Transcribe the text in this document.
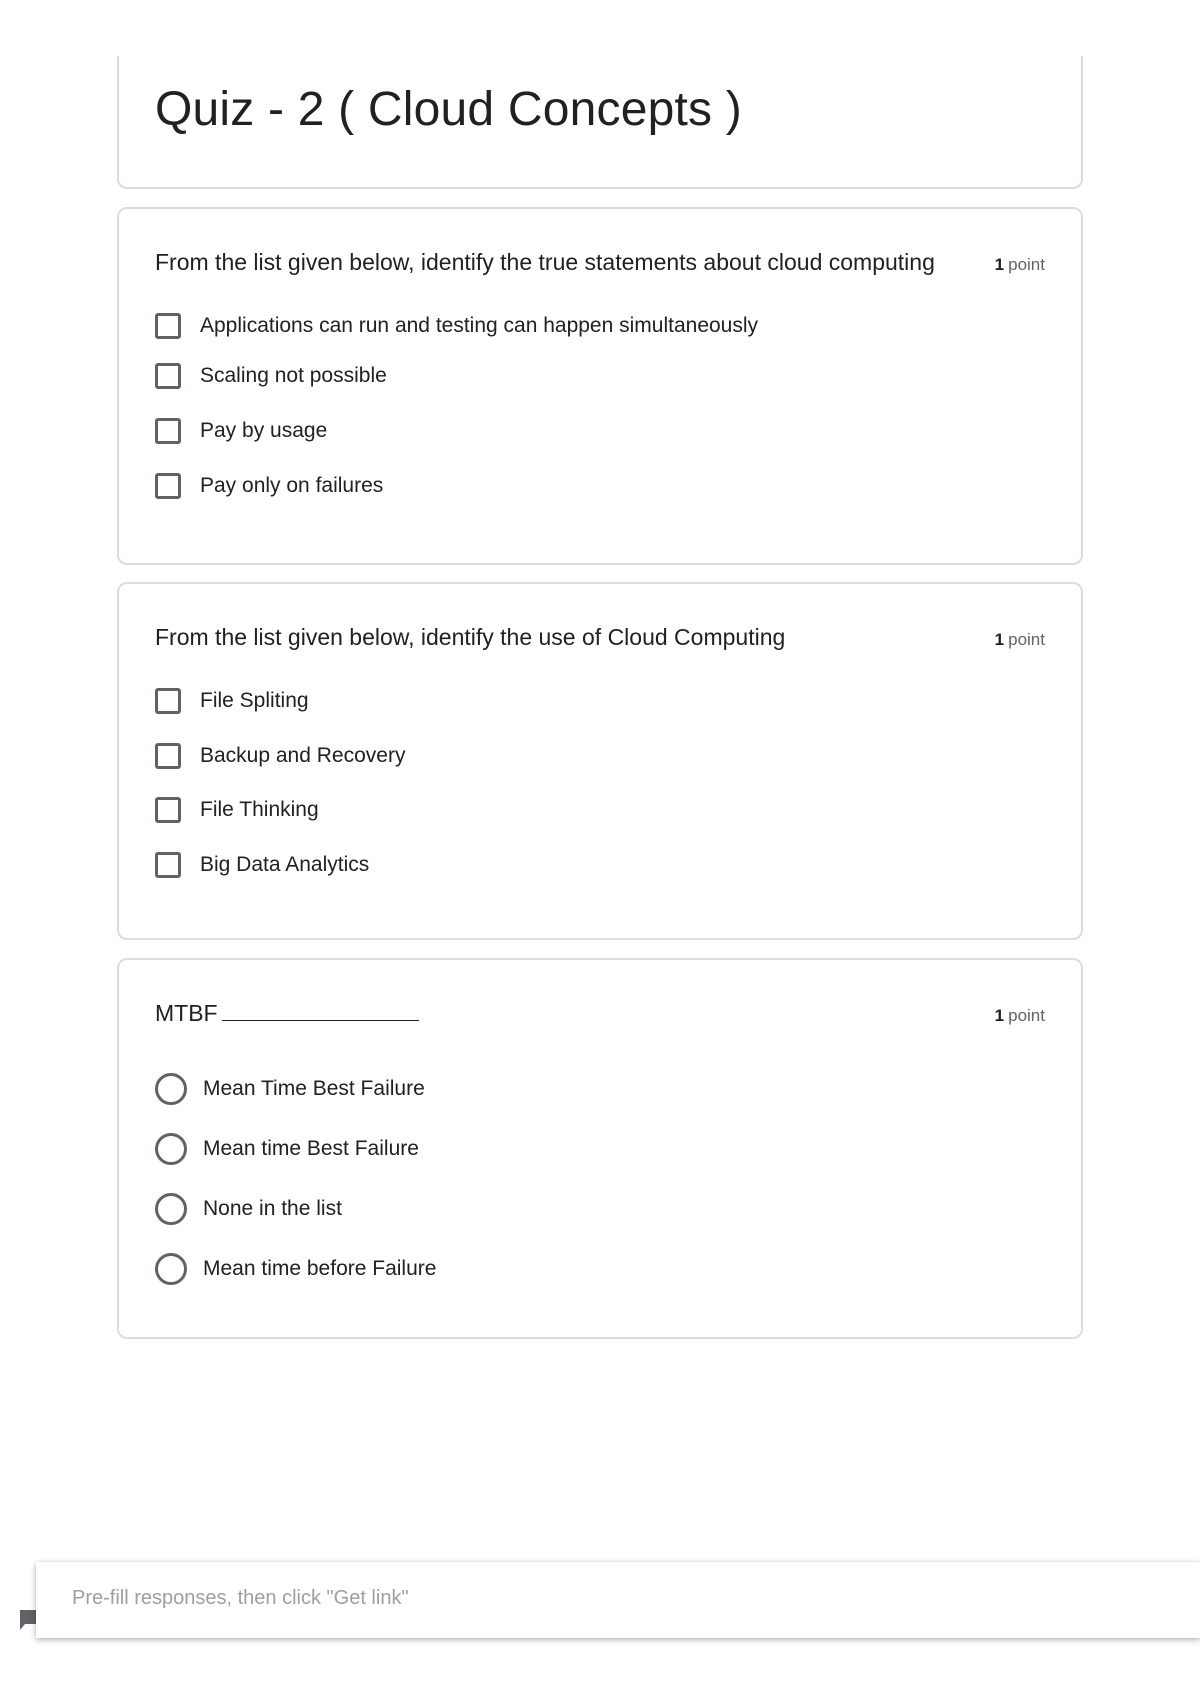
Quiz - 2 ( Cloud Concepts )
From the list given below, identify the true statements about cloud computing	1 point
Applications can run and testing can happen simultaneously
Scaling not possible
Pay by usage
Pay only on failures
From the list given below, identify the use of Cloud Computing	1 point
File Spliting
Backup and Recovery
File Thinking
Big Data Analytics
MTBF	1 point
Mean Time Best Failure
Mean time Best Failure
None in the list
Mean time before Failure
Pre-fill responses, then click "Get link"
